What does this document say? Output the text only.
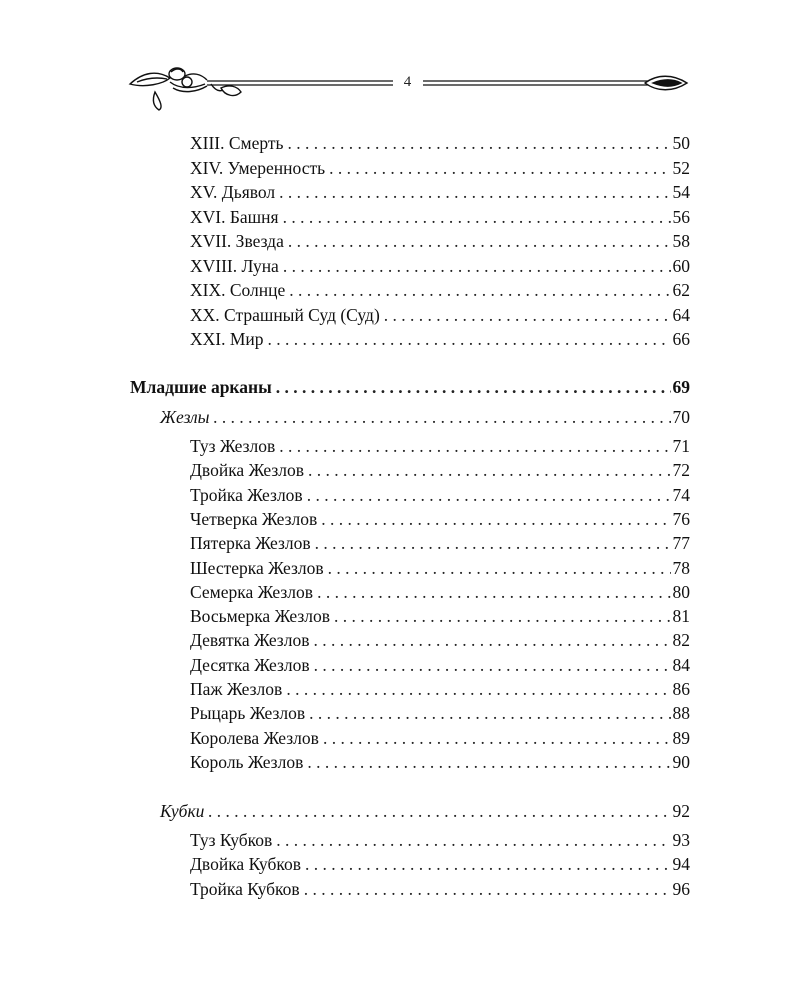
4
XIII. Смерть . . .	50
XIV. Умеренность . . .	52
XV. Дьявол . . .	54
XVI. Башня . . .	56
XVII. Звезда . . .	58
XVIII. Луна . . .	60
XIX. Солнце . . .	62
XX. Страшный Суд (Суд) . . .	64
XXI. Мир . . .	66
Младшие арканы . . .	69
Жезлы . . .	70
Туз Жезлов . . .	71
Двойка Жезлов . . .	72
Тройка Жезлов . . .	74
Четверка Жезлов . . .	76
Пятерка Жезлов . . .	77
Шестерка Жезлов . . .	78
Семерка Жезлов . . .	80
Восьмерка Жезлов . . .	81
Девятка Жезлов . . .	82
Десятка Жезлов . . .	84
Паж Жезлов . . .	86
Рыцарь Жезлов . . .	88
Королева Жезлов . . .	89
Король Жезлов . . .	90
Кубки . . .	92
Туз Кубков . . .	93
Двойка Кубков . . .	94
Тройка Кубков . . .	96
